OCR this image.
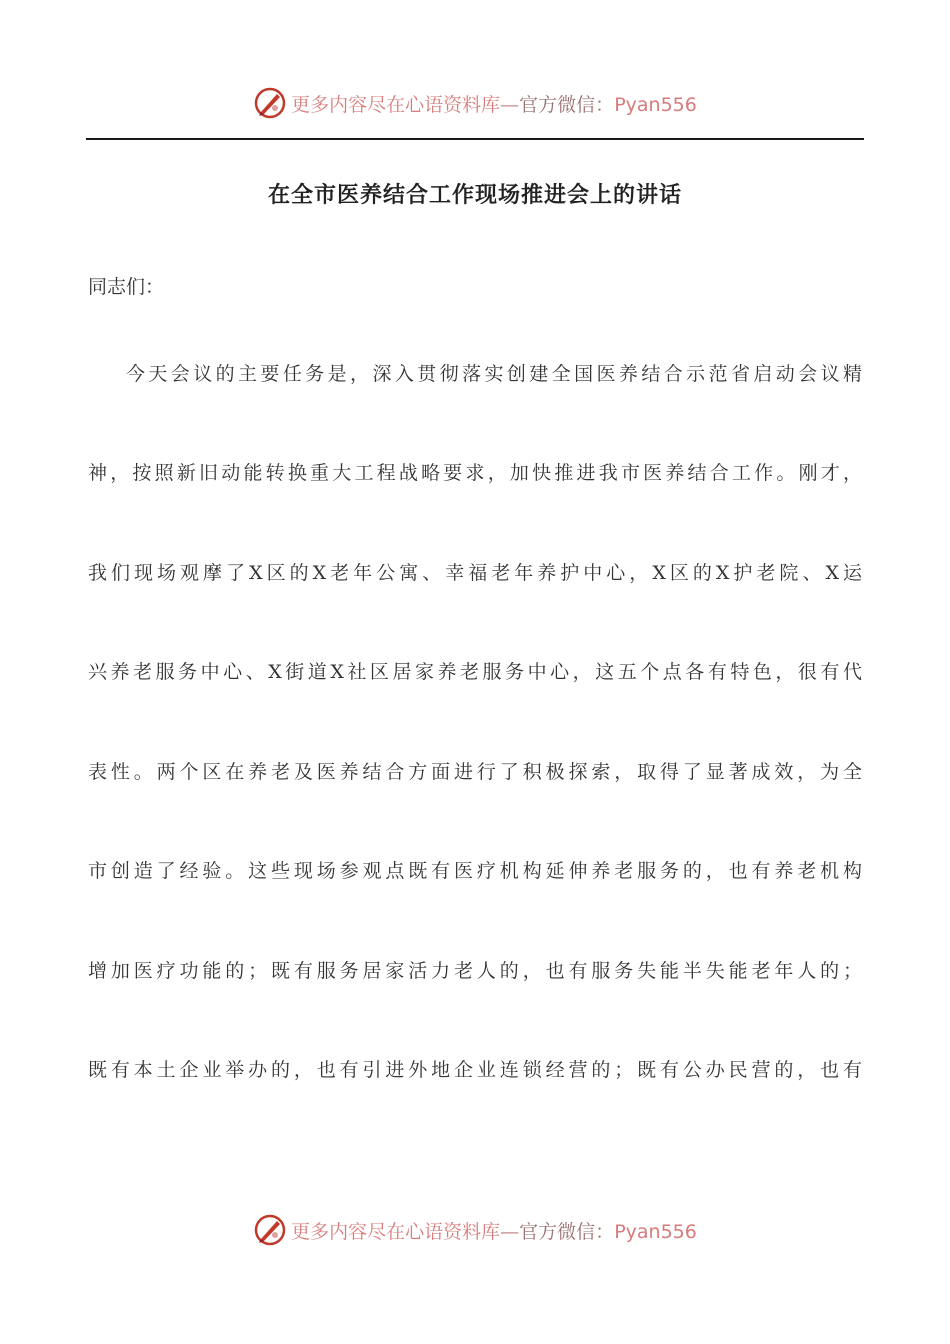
更多内容尽在心语资料库—官方微信：Pyan556
在全市医养结合工作现场推进会上的讲话
同志们：
今天会议的主要任务是，深入贯彻落实创建全国医养结合示范省启动会议精
神，按照新旧动能转换重大工程战略要求，加快推进我市医养结合工作。刚才，
我们现场观摩了X区的X老年公寓、幸福老年养护中心，X区的X护老院、X运
兴养老服务中心、X街道X社区居家养老服务中心，这五个点各有特色，很有代
表性。两个区在养老及医养结合方面进行了积极探索，取得了显著成效，为全
市创造了经验。这些现场参观点既有医疗机构延伸养老服务的，也有养老机构
增加医疗功能的；既有服务居家活力老人的，也有服务失能半失能老年人的；
既有本土企业举办的，也有引进外地企业连锁经营的；既有公办民营的，也有
更多内容尽在心语资料库—官方微信：Pyan556
